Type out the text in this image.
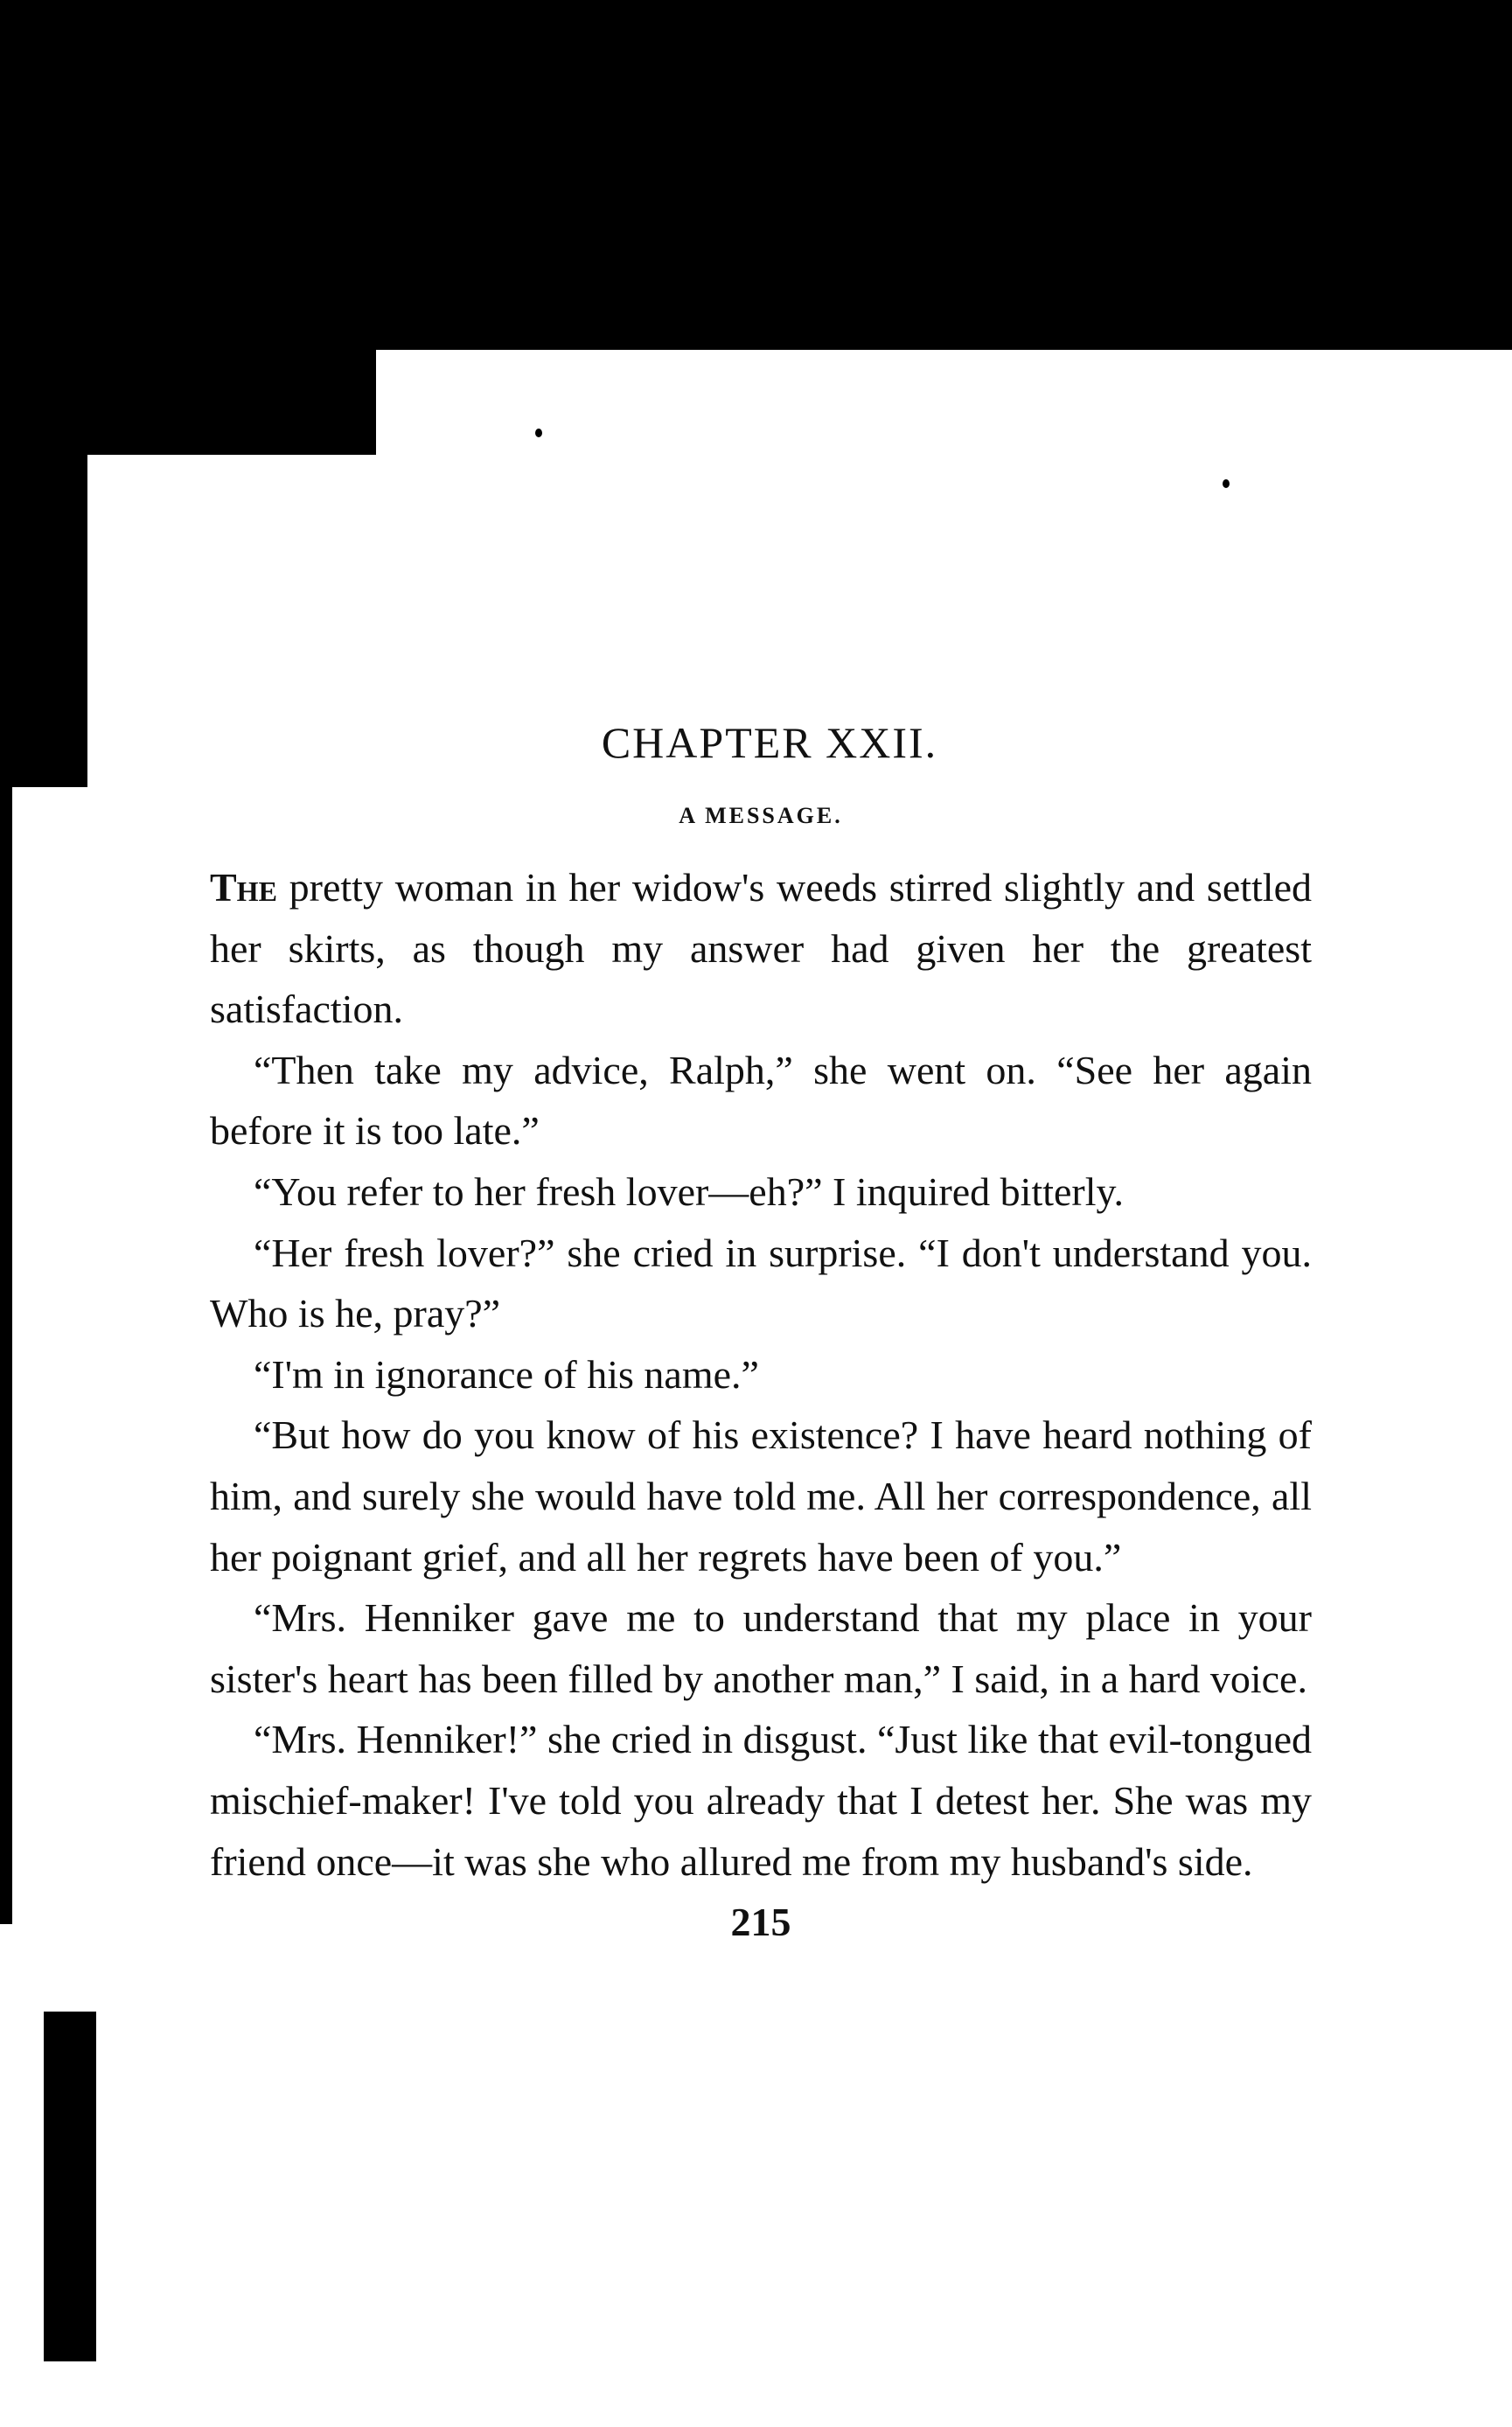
CHAPTER XXII.
A MESSAGE.

The pretty woman in her widow's weeds stirred slightly and settled her skirts, as though my answer had given her the greatest satisfaction.

“Then take my advice, Ralph,” she went on. “See her again before it is too late.”

“You refer to her fresh lover—eh?” I inquired bitterly.

“Her fresh lover?” she cried in surprise. “I don't understand you. Who is he, pray?”

“I'm in ignorance of his name.”

“But how do you know of his existence? I have heard nothing of him, and surely she would have told me. All her correspondence, all her poignant grief, and all her regrets have been of you.”

“Mrs. Henniker gave me to understand that my place in your sister's heart has been filled by another man,” I said, in a hard voice.

“Mrs. Henniker!” she cried in disgust. “Just like that evil-tongued mischief-maker! I've told you already that I detest her. She was my friend once—it was she who allured me from my husband's side.

215
